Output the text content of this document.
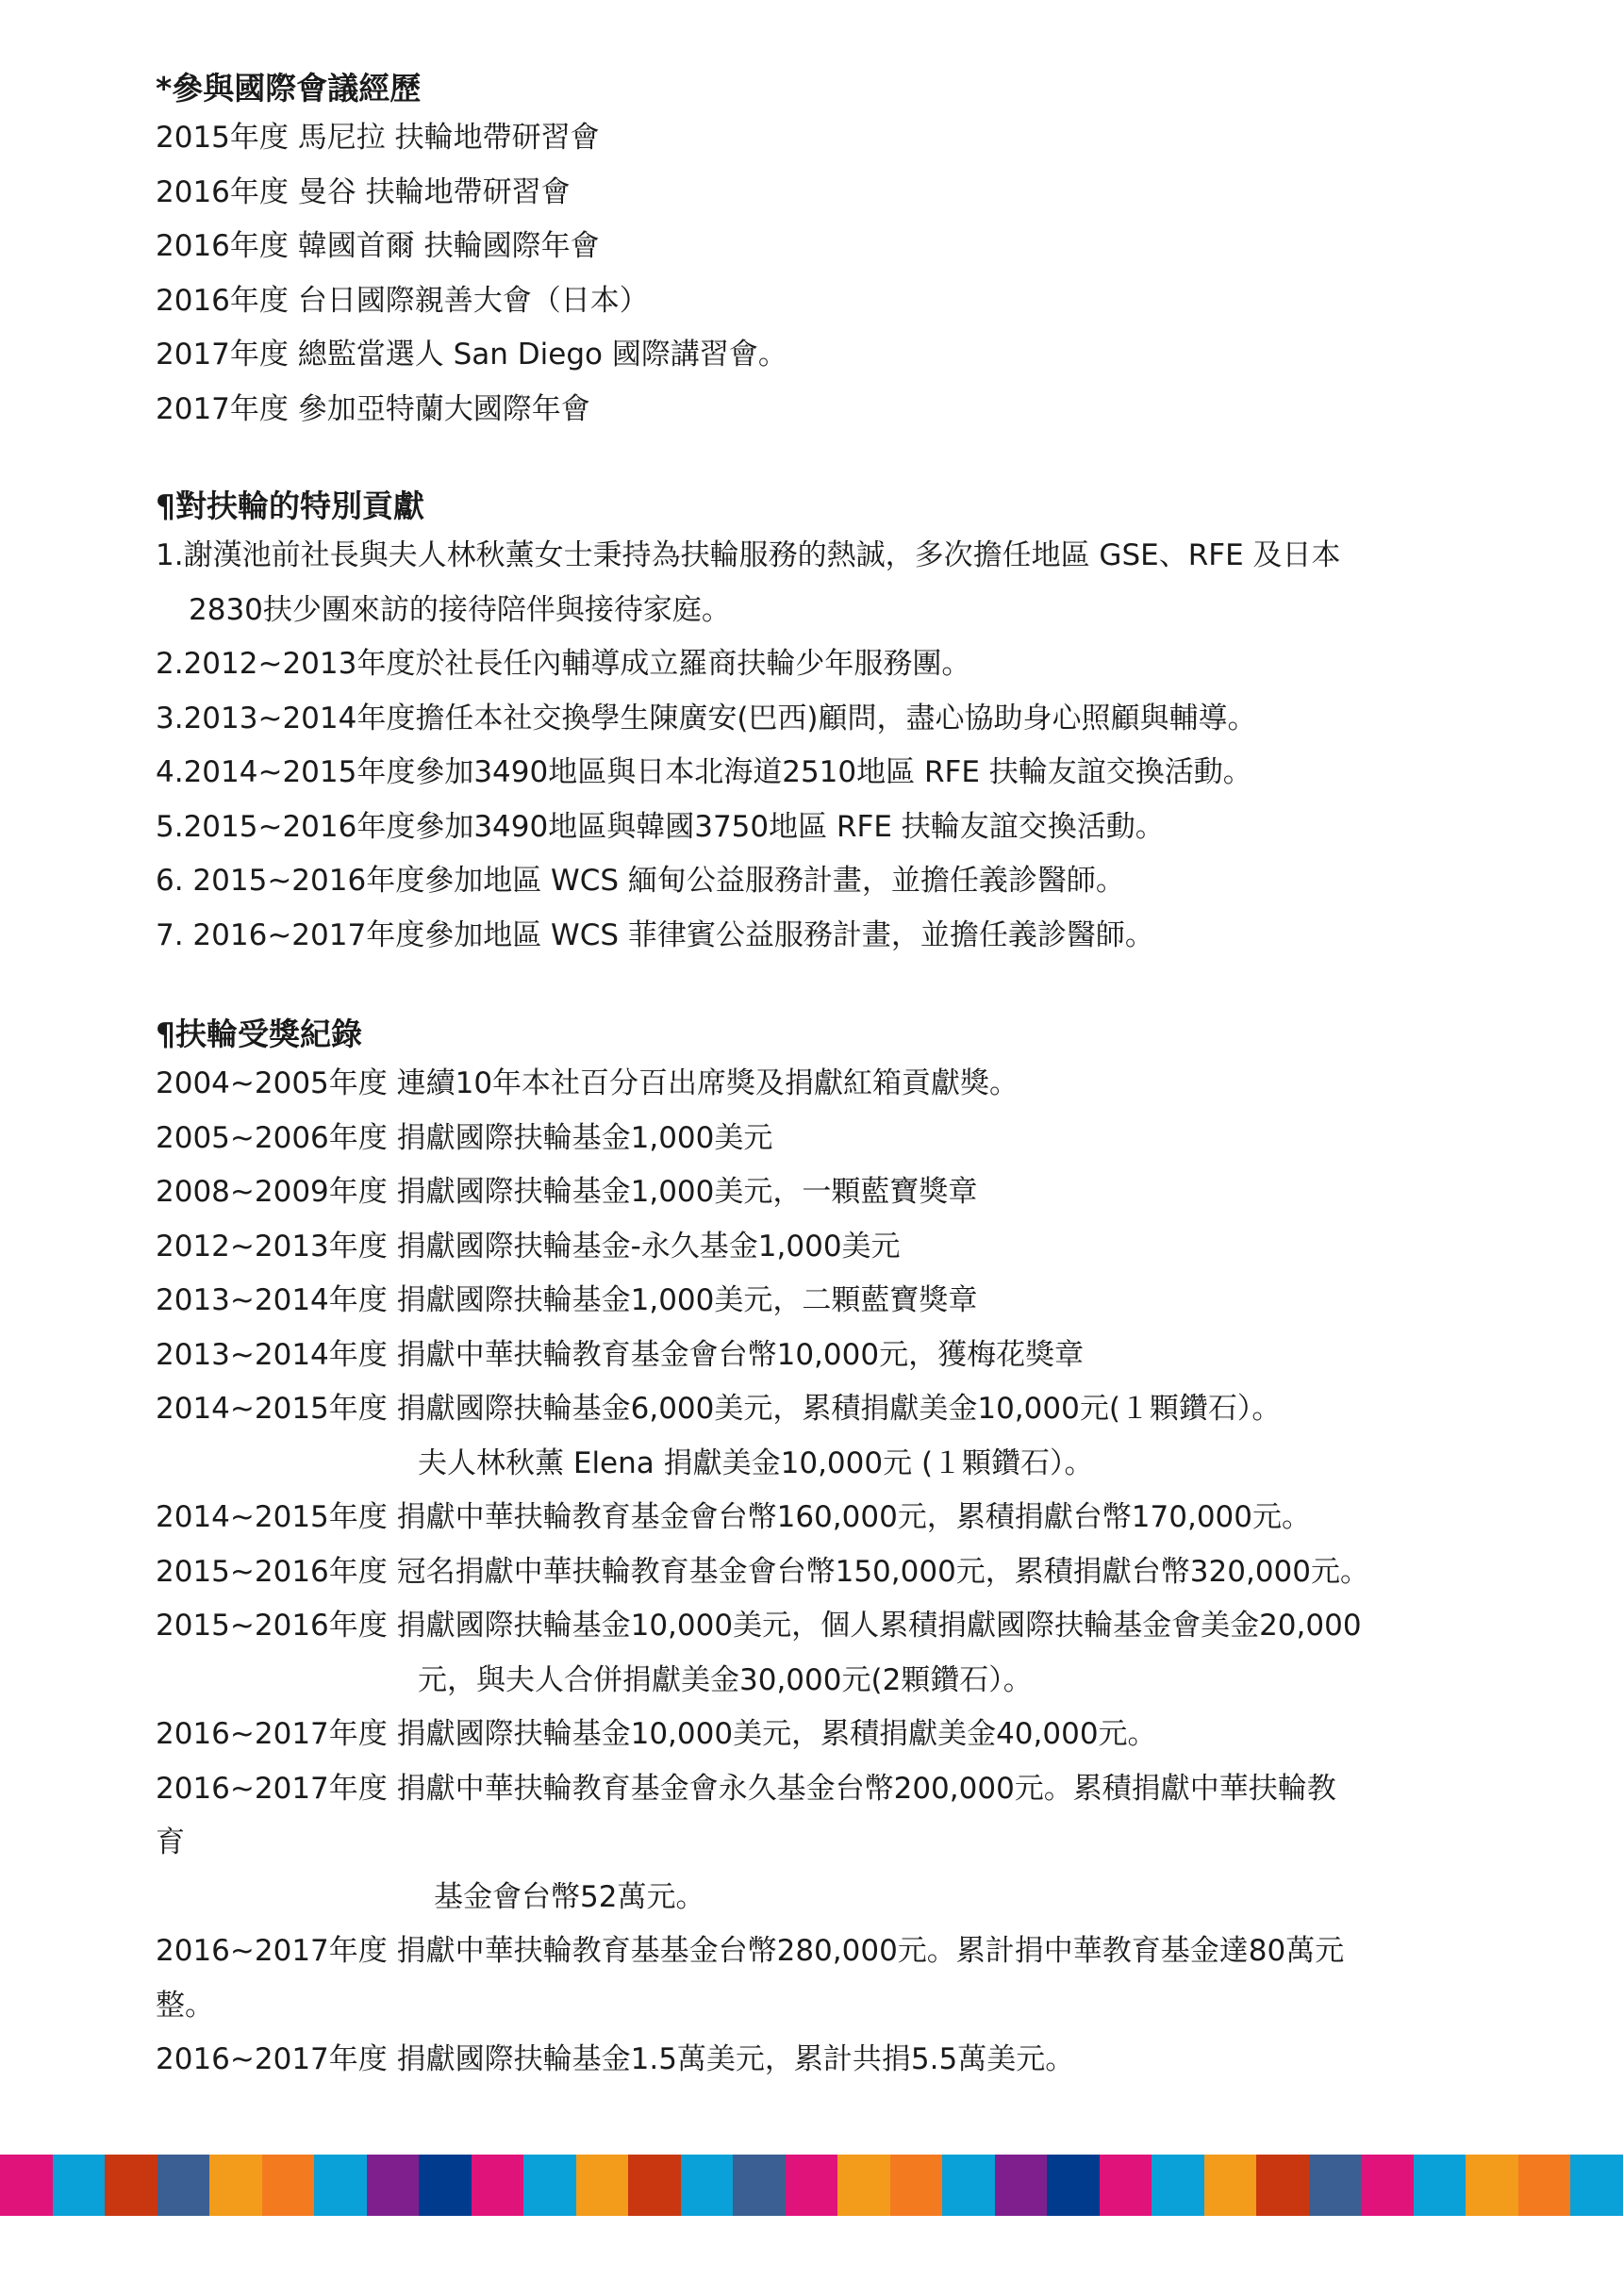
*參與國際會議經歷

2015年度 馬尼拉 扶輪地帶研習會

2016年度 曼谷 扶輪地帶研習會

2016年度 韓國首爾 扶輪國際年會

2016年度 台日國際親善大會（日本）

2017年度 總監當選人 San Diego 國際講習會。

2017年度 參加亞特蘭大國際年會

¶對扶輪的特別貢獻

1.謝漢池前社長與夫人林秋薰女士秉持為扶輪服務的熱誠，多次擔任地區 GSE、RFE 及日本

2830扶少團來訪的接待陪伴與接待家庭。

2.2012~2013年度於社長任內輔導成立羅商扶輪少年服務團。

3.2013~2014年度擔任本社交換學生陳廣安(巴西)顧問，盡心協助身心照顧與輔導。

4.2014~2015年度參加3490地區與日本北海道2510地區 RFE 扶輪友誼交換活動。

5.2015~2016年度參加3490地區與韓國3750地區 RFE 扶輪友誼交換活動。

6. 2015~2016年度參加地區 WCS 緬甸公益服務計畫，並擔任義診醫師。

7. 2016~2017年度參加地區 WCS 菲律賓公益服務計畫，並擔任義診醫師。

¶扶輪受獎紀錄

2004~2005年度 連續10年本社百分百出席獎及捐獻紅箱貢獻獎。

2005~2006年度 捐獻國際扶輪基金1,000美元

2008~2009年度 捐獻國際扶輪基金1,000美元，一顆藍寶獎章

2012~2013年度 捐獻國際扶輪基金-永久基金1,000美元

2013~2014年度 捐獻國際扶輪基金1,000美元，二顆藍寶獎章

2013~2014年度 捐獻中華扶輪教育基金會台幣10,000元，獲梅花獎章

2014~2015年度 捐獻國際扶輪基金6,000美元，累積捐獻美金10,000元(１顆鑽石）。

夫人林秋薰 Elena 捐獻美金10,000元 (１顆鑽石）。

2014~2015年度 捐獻中華扶輪教育基金會台幣160,000元，累積捐獻台幣170,000元。

2015~2016年度 冠名捐獻中華扶輪教育基金會台幣150,000元，累積捐獻台幣320,000元。

2015~2016年度 捐獻國際扶輪基金10,000美元，個人累積捐獻國際扶輪基金會美金20,000

元，與夫人合併捐獻美金30,000元(2顆鑽石）。

2016~2017年度 捐獻國際扶輪基金10,000美元，累積捐獻美金40,000元。

2016~2017年度 捐獻中華扶輪教育基金會永久基金台幣200,000元。累積捐獻中華扶輪教

育

基金會台幣52萬元。

2016~2017年度 捐獻中華扶輪教育基基金台幣280,000元。累計捐中華教育基金達80萬元

整。

2016~2017年度 捐獻國際扶輪基金1.5萬美元，累計共捐5.5萬美元。
